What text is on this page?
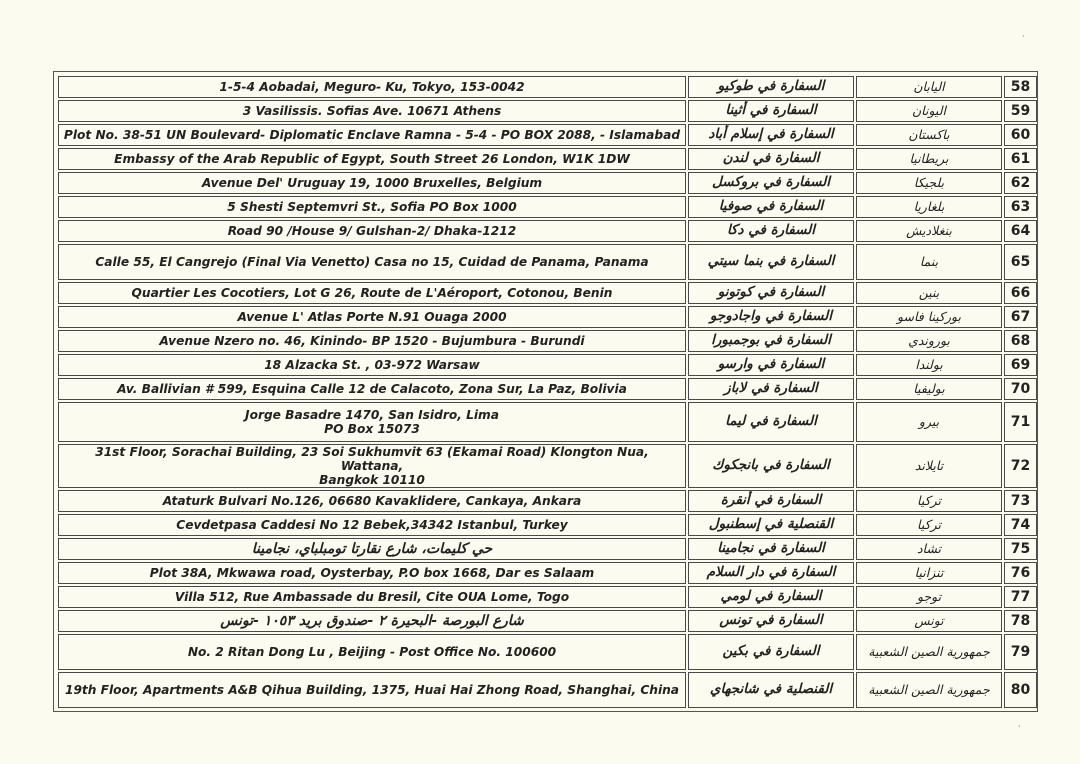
1-5-4 Aobadai, Meguro- Ku, Tokyo, 153-0042	السفارة في طوكيو	اليابان	58

3 Vasilissis. Sofias Ave. 10671 Athens	السفارة في أثينا	اليونان	59

Plot No. 38-51 UN Boulevard- Diplomatic Enclave Ramna - 5-4 - PO BOX 2088, - Islamabad	السفارة في إسلام أباد	باكستان	60

Embassy of the Arab Republic of Egypt, South Street 26 London, W1K 1DW	السفارة في لندن	بريطانيا	61

Avenue Del' Uruguay 19, 1000 Bruxelles, Belgium	السفارة في بروكسل	بلجيكا	62

5 Shesti Septemvri St., Sofia PO Box 1000	السفارة في صوفيا	بلغاريا	63

Road 90 /House 9/ Gulshan-2/ Dhaka-1212	السفارة في دكا	بنغلاديش	64

Calle 55, El Cangrejo (Final Via Venetto) Casa no 15, Cuidad de Panama, Panama	السفارة في بنما سيتي	بنما	65

Quartier Les Cocotiers, Lot G 26, Route de L'Aéroport, Cotonou, Benin	السفارة في كوتونو	بنين	66

Avenue L' Atlas Porte N.91 Ouaga 2000	السفارة في واجادوجو	بوركينا فاسو	67

Avenue Nzero no. 46, Kinindo- BP 1520 - Bujumbura - Burundi	السفارة في بوجمبورا	بوروندي	68

18 Alzacka St. , 03-972 Warsaw	السفارة في وارسو	بولندا	69

Av. Ballivian # 599, Esquina Calle 12 de Calacoto, Zona Sur, La Paz, Bolivia	السفارة في لاباز	بوليفيا	70

Jorge Basadre 1470, San Isidro, Lima
PO Box 15073	السفارة في ليما	بيرو	71

31st Floor, Sorachai Building, 23 Soi Sukhumvit 63 (Ekamai Road) Klongton Nua, Wattana,
Bangkok 10110	السفارة في بانجكوك	تايلاند	72

Ataturk Bulvari No.126, 06680 Kavaklidere, Cankaya, Ankara	السفارة في أنقرة	تركيا	73

Cevdetpasa Caddesi No 12 Bebek,34342 Istanbul, Turkey	القنصلية في إسطنبول	تركيا	74

حي كليمات، شارع نقارتا تومبلباي، نجامينا	السفارة في نجامينا	تشاد	75

Plot 38A, Mkwawa road, Oysterbay, P.O box 1668, Dar es Salaam	السفارة في دار السلام	تنزانيا	76

Villa 512, Rue Ambassade du Bresil, Cite OUA Lome, Togo	السفارة في لومي	توجو	77

شارع البورصة -البحيرة ٢ -صندوق بريد ١٠٥٣ -تونس	السفارة في تونس	تونس	78

No. 2 Ritan Dong Lu , Beijing - Post Office No. 100600	السفارة في بكين	جمهورية الصين الشعبية	79

19th Floor, Apartments A&B Qihua Building, 1375, Huai Hai Zhong Road, Shanghai, China	القنصلية في شانجهاي	جمهورية الصين الشعبية	80
·
·
